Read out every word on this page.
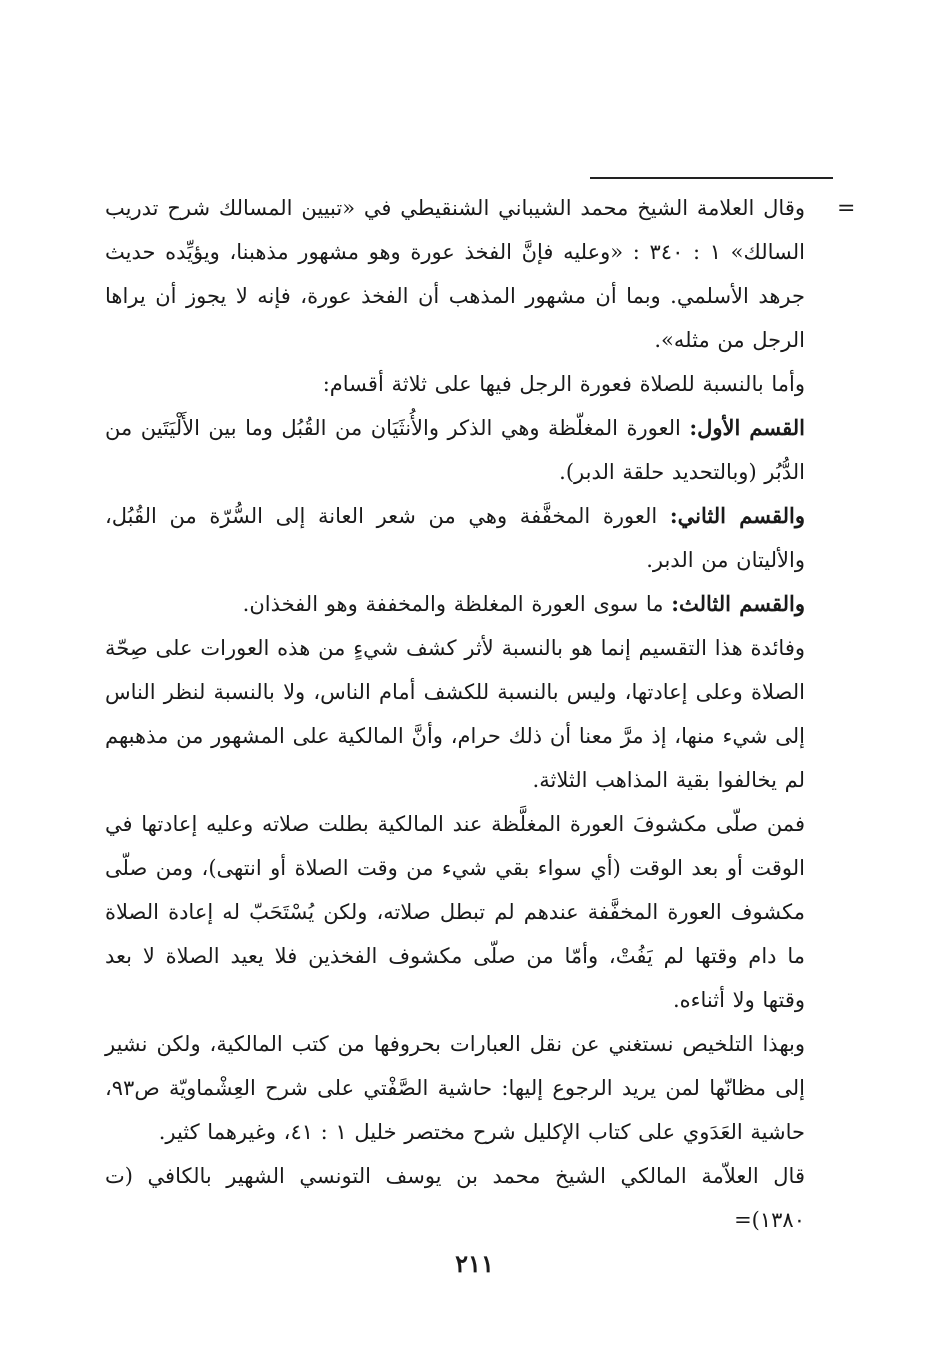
=

وقال العلامة الشيخ محمد الشيباني الشنقيطي في «تبيين المسالك شرح تدريب السالك» ١ : ٣٤٠ : «وعليه فإنَّ الفخذ عورة وهو مشهور مذهبنا، ويؤيِّده حديث جرهد الأسلمي. وبما أن مشهور المذهب أن الفخذ عورة، فإنه لا يجوز أن يراها الرجل من مثله».

وأما بالنسبة للصلاة فعورة الرجل فيها على ثلاثة أقسام:

القسم الأول: العورة المغلّظة وهي الذكر والأُنثَيَان من القُبُل وما بين الأَلْيَتَين من الدُّبُر (وبالتحديد حلقة الدبر).

والقسم الثاني: العورة المخفَّفة وهي من شعر العانة إلى السُّرّة من القُبُل، والأليتان من الدبر.

والقسم الثالث: ما سوى العورة المغلظة والمخففة وهو الفخذان.

وفائدة هذا التقسيم إنما هو بالنسبة لأثر كشف شيءٍ من هذه العورات على صِحّة الصلاة وعلى إعادتها، وليس بالنسبة للكشف أمام الناس، ولا بالنسبة لنظر الناس إلى شيء منها، إذ مرَّ معنا أن ذلك حرام، وأنَّ المالكية على المشهور من مذهبهم لم يخالفوا بقية المذاهب الثلاثة.

فمن صلّى مكشوفَ العورة المغلَّظة عند المالكية بطلت صلاته وعليه إعادتها في الوقت أو بعد الوقت (أي سواء بقي شيء من وقت الصلاة أو انتهى)، ومن صلّى مكشوف العورة المخفَّفة عندهم لم تبطل صلاته، ولكن يُسْتَحَبّ له إعادة الصلاة ما دام وقتها لم يَفُتْ، وأمّا من صلّى مكشوف الفخذين فلا يعيد الصلاة لا بعد وقتها ولا أثناءه.

وبهذا التلخيص نستغني عن نقل العبارات بحروفها من كتب المالكية، ولكن نشير إلى مظانّها لمن يريد الرجوع إليها: حاشية الصَّفْتي على شرح العِشْماويّة ص٩٣، حاشية العَدَوي على كتاب الإكليل شرح مختصر خليل ١ : ٤١، وغيرهما كثير.

قال العلاّمة المالكي الشيخ محمد بن يوسف التونسي الشهير بالكافي (ت ١٣٨٠)=

٢١١
